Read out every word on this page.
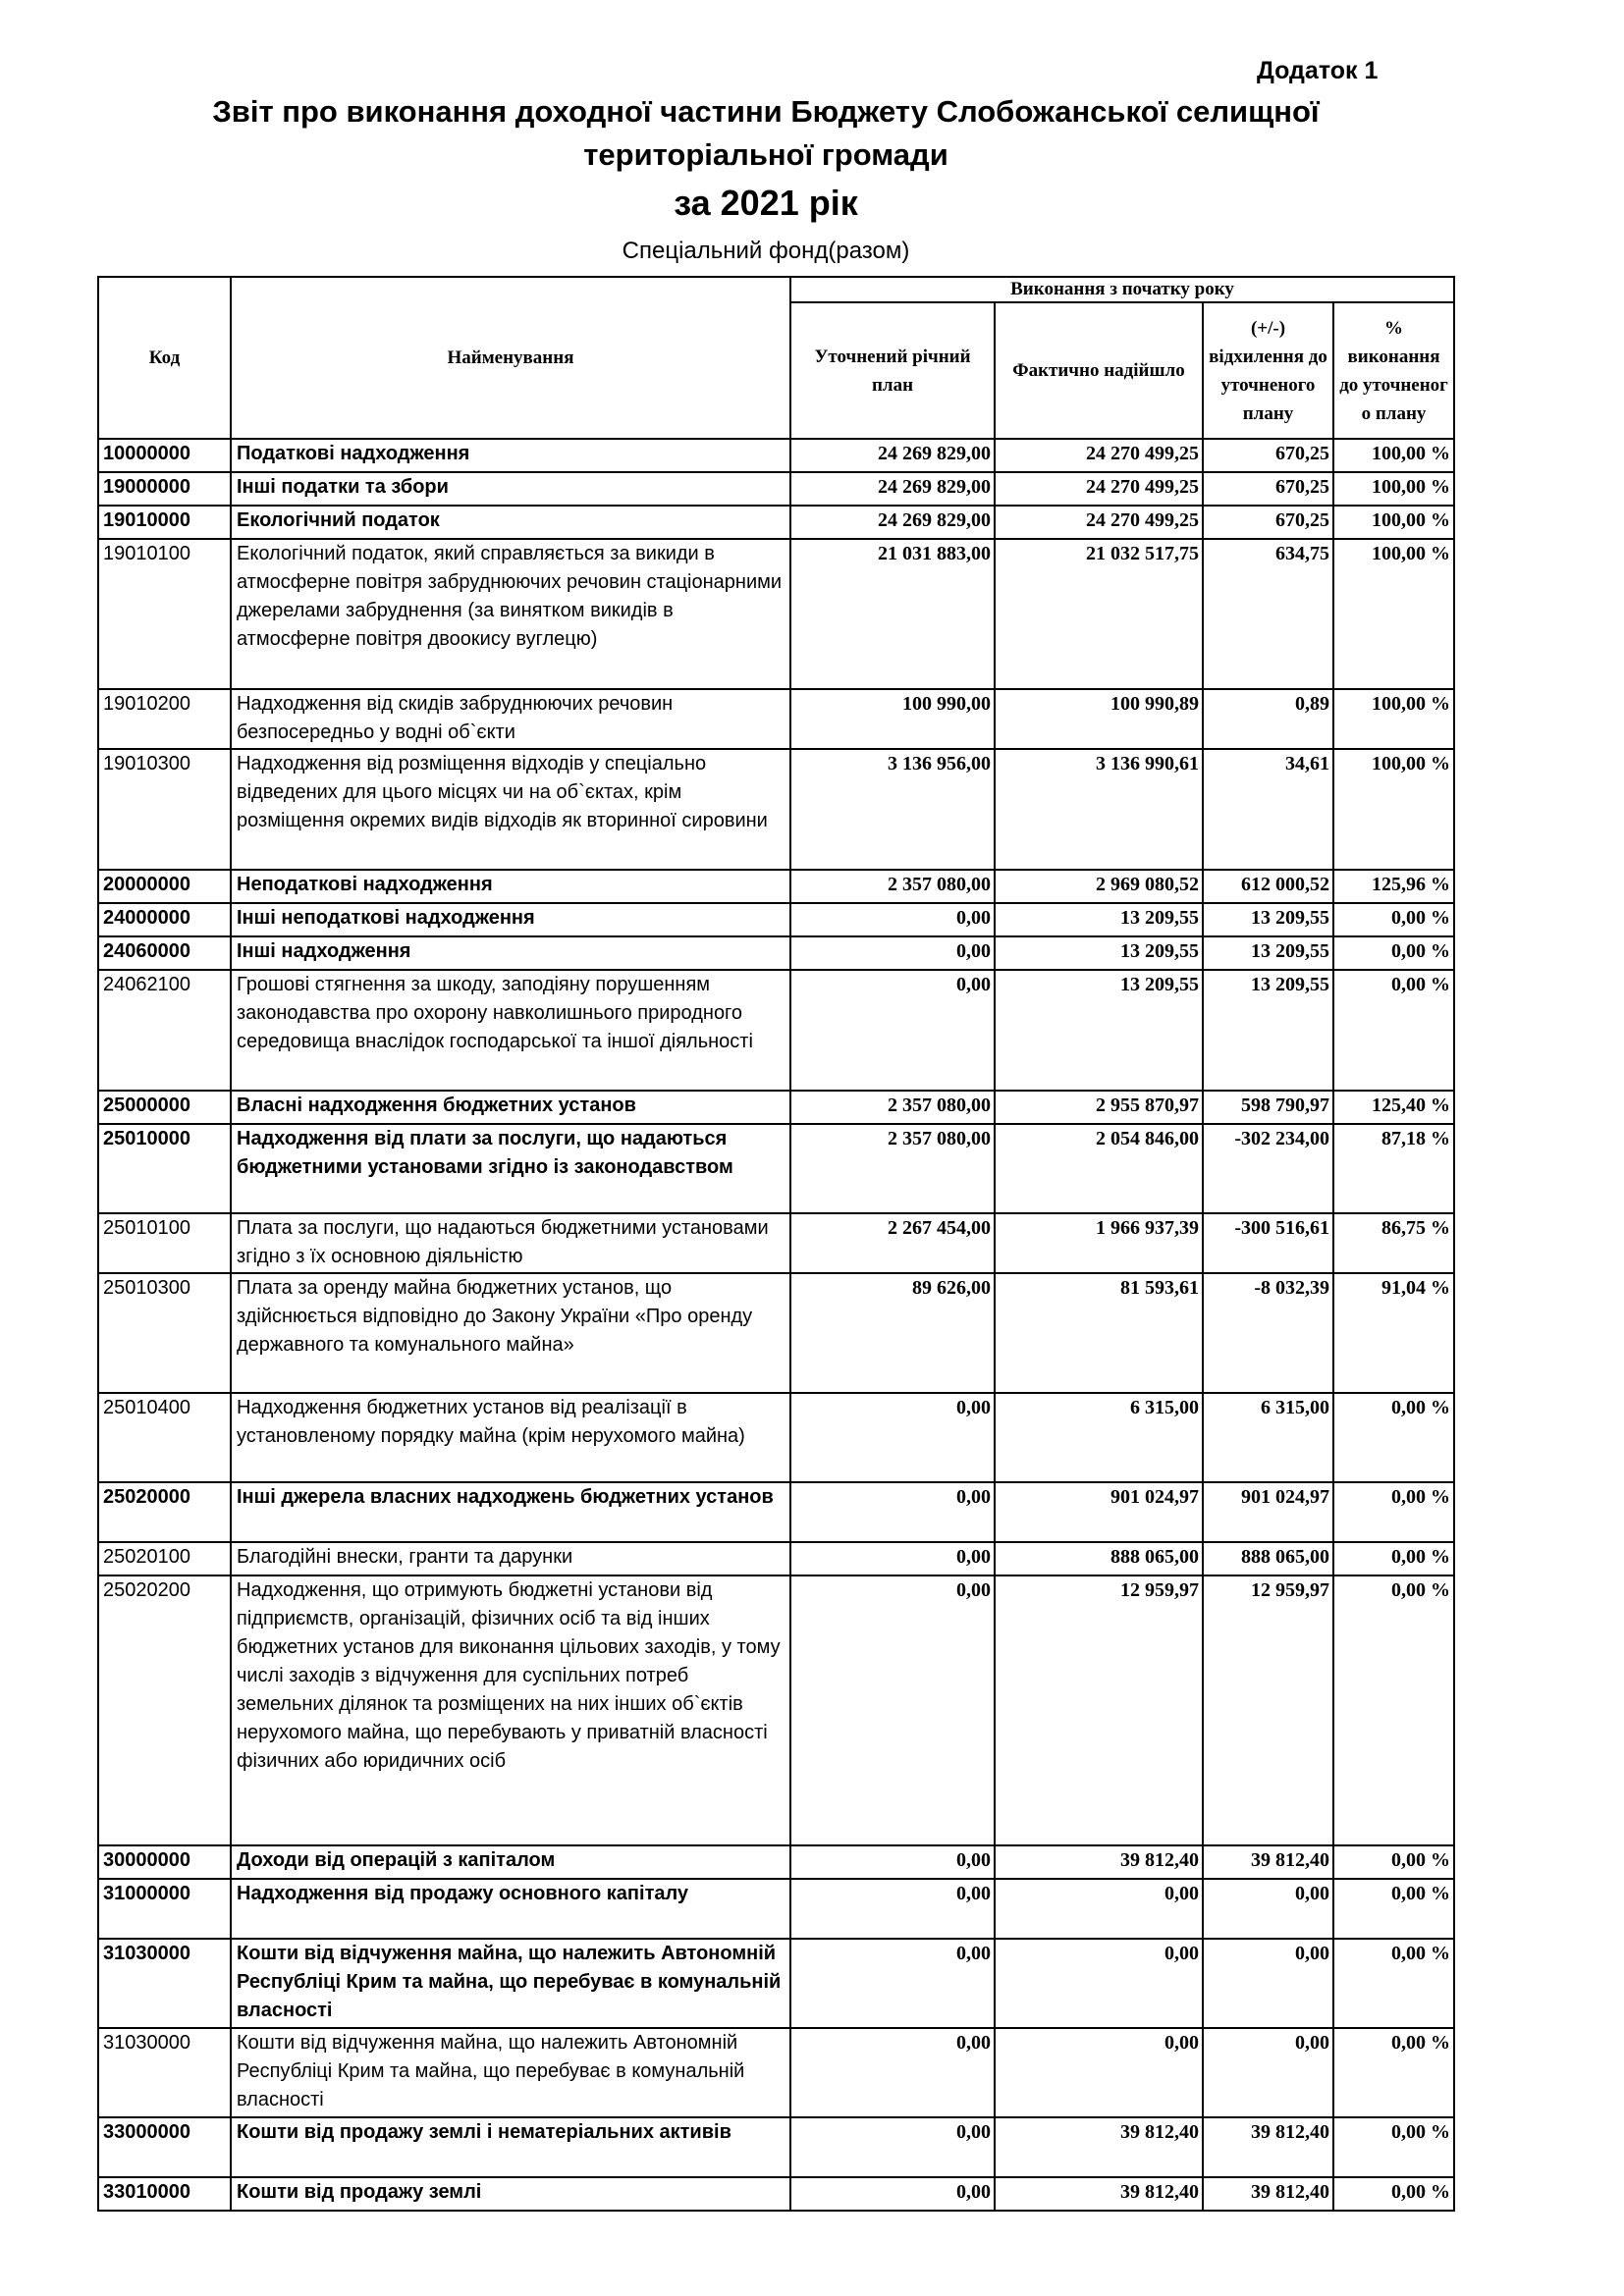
Додаток 1
Звіт про виконання доходної частини Бюджету Слобожанської селищної територіальної громади
за 2021 рік
Спеціальний фонд(разом)
Код	Найменування	Виконання з початку року			
		Уточнений річний план	Фактично надійшло	(+/-) відхилення до уточненого плану	% виконання до уточненог о плану
10000000	Податкові надходження	24 269 829,00	24 270 499,25	670,25	100,00 %
19000000	Інші податки та збори	24 269 829,00	24 270 499,25	670,25	100,00 %
19010000	Екологічний податок	24 269 829,00	24 270 499,25	670,25	100,00 %
19010100	Екологічний податок, який справляється за викиди в атмосферне повітря забруднюючих речовин стаціонарними джерелами забруднення (за винятком викидів в атмосферне повітря двоокису вуглецю)	21 031 883,00	21 032 517,75	634,75	100,00 %
19010200	Надходження від скидів забруднюючих речовин безпосередньо у водні об`єкти	100 990,00	100 990,89	0,89	100,00 %
19010300	Надходження від розміщення відходів у спеціально відведених для цього місцях чи на об`єктах, крім розміщення окремих видів відходів як вторинної сировини	3 136 956,00	3 136 990,61	34,61	100,00 %
20000000	Неподаткові надходження	2 357 080,00	2 969 080,52	612 000,52	125,96 %
24000000	Інші неподаткові надходження	0,00	13 209,55	13 209,55	0,00 %
24060000	Інші надходження	0,00	13 209,55	13 209,55	0,00 %
24062100	Грошові стягнення за шкоду, заподіяну порушенням законодавства про охорону навколишнього природного середовища внаслідок господарської та іншої діяльності	0,00	13 209,55	13 209,55	0,00 %
25000000	Власні надходження бюджетних установ	2 357 080,00	2 955 870,97	598 790,97	125,40 %
25010000	Надходження від плати за послуги, що надаються бюджетними установами згідно із законодавством	2 357 080,00	2 054 846,00	-302 234,00	87,18 %
25010100	Плата за послуги, що надаються бюджетними установами згідно з їх основною діяльністю	2 267 454,00	1 966 937,39	-300 516,61	86,75 %
25010300	Плата за оренду майна бюджетних установ, що здійснюється відповідно до Закону України «Про оренду державного та комунального майна»	89 626,00	81 593,61	-8 032,39	91,04 %
25010400	Надходження бюджетних установ від реалізації в установленому порядку майна (крім нерухомого майна)	0,00	6 315,00	6 315,00	0,00 %
25020000	Інші джерела власних надходжень бюджетних установ	0,00	901 024,97	901 024,97	0,00 %
25020100	Благодійні внески, гранти та дарунки	0,00	888 065,00	888 065,00	0,00 %
25020200	Надходження, що отримують бюджетні установи від підприємств, організацій, фізичних осіб та від інших бюджетних установ для виконання цільових заходів, у тому числі заходів з відчуження для суспільних потреб земельних ділянок та розміщених на них інших об`єктів нерухомого майна, що перебувають у приватній власності фізичних або юридичних осіб	0,00	12 959,97	12 959,97	0,00 %
30000000	Доходи від операцій з капіталом	0,00	39 812,40	39 812,40	0,00 %
31000000	Надходження від продажу основного капіталу	0,00	0,00	0,00	0,00 %
31030000	Кошти від відчуження майна, що належить Автономній Республіці Крим та майна, що перебуває в комунальній власності	0,00	0,00	0,00	0,00 %
31030000	Кошти від відчуження майна, що належить Автономній Республіці Крим та майна, що перебуває в комунальній власності	0,00	0,00	0,00	0,00 %
33000000	Кошти від продажу землі і нематеріальних активів	0,00	39 812,40	39 812,40	0,00 %
33010000	Кошти від продажу землі	0,00	39 812,40	39 812,40	0,00 %
